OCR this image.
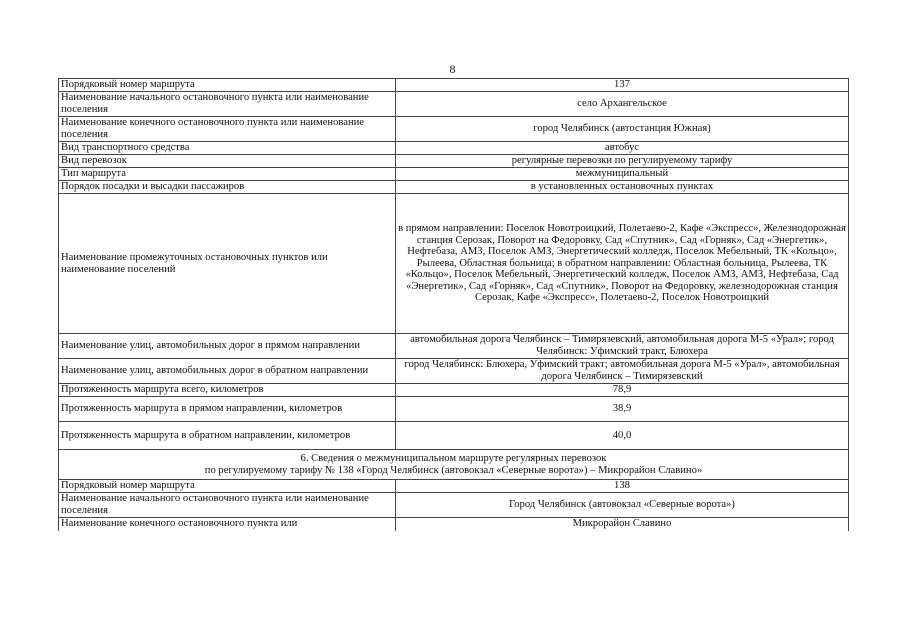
8
Порядковый номер маршрута	137
Наименование начального остановочного пункта или наименование поселения	село Архангельское
Наименование конечного остановочного пункта или наименование поселения	город Челябинск (автостанция Южная)
Вид транспортного средства	автобус
Вид перевозок	регулярные перевозки по регулируемому тарифу
Тип маршрута	межмуниципальный
Порядок посадки и высадки пассажиров	в установленных остановочных пунктах
Наименование промежуточных остановочных пунктов или наименование поселений	в прямом направлении: Поселок Новотроицкий, Полетаево-2, Кафе «Экспресс», Железнодорожная станция Серозак, Поворот на Федоровку, Сад «Спутник», Сад «Горняк», Сад «Энергетик», Нефтебаза, АМЗ, Поселок АМЗ, Энергетический колледж, Поселок Мебельный, ТК «Кольцо», Рылеева, Областная больница; в обратном направлении: Областная больница, Рылеева, ТК «Кольцо», Поселок Мебельный, Энергетический колледж, Поселок АМЗ, АМЗ, Нефтебаза, Сад «Энергетик», Сад «Горняк», Сад «Спутник», Поворот на Федоровку, железнодорожная станция Серозак, Кафе «Экспресс», Полетаево-2, Поселок Новотроицкий
Наименование улиц, автомобильных дорог в прямом направлении	автомобильная дорога Челябинск – Тимирязевский, автомобильная дорога М-5 «Урал»; город Челябинск: Уфимский тракт, Блюхера
Наименование улиц, автомобильных дорог в обратном направлении	город Челябинск: Блюхера, Уфимский тракт; автомобильная дорога М-5 «Урал», автомобильная дорога Челябинск – Тимирязевский
Протяженность маршрута всего, километров	78,9
Протяженность маршрута в прямом направлении, километров	38,9
Протяженность маршрута в обратном направлении, километров	40,0

6. Сведения о межмуниципальном маршруте регулярных перевозок
по регулируемому тарифу № 138 «Город Челябинск (автовокзал «Северные ворота») – Микрорайон Славино»	

Порядковый номер маршрута	138
Наименование начального остановочного пункта или наименование поселения	Город Челябинск (автовокзал «Северные ворота»)
Наименование конечного остановочного пункта или	Микрорайон Славино
